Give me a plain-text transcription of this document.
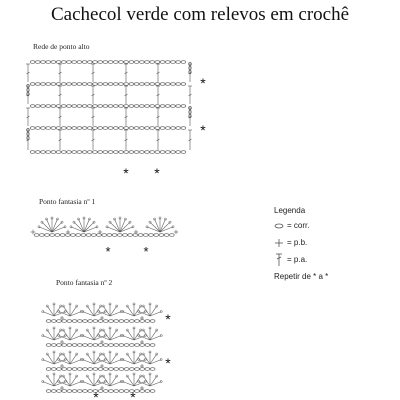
Cachecol verde com relevos em crochê
Rede de ponto alto
Ponto fantasia nº 1
Ponto fantasia nº 2
*
*
* *
*	*
*
*
* *
Legenda
= corr.
= p.b.
= p.a.
Repetir de * a *
